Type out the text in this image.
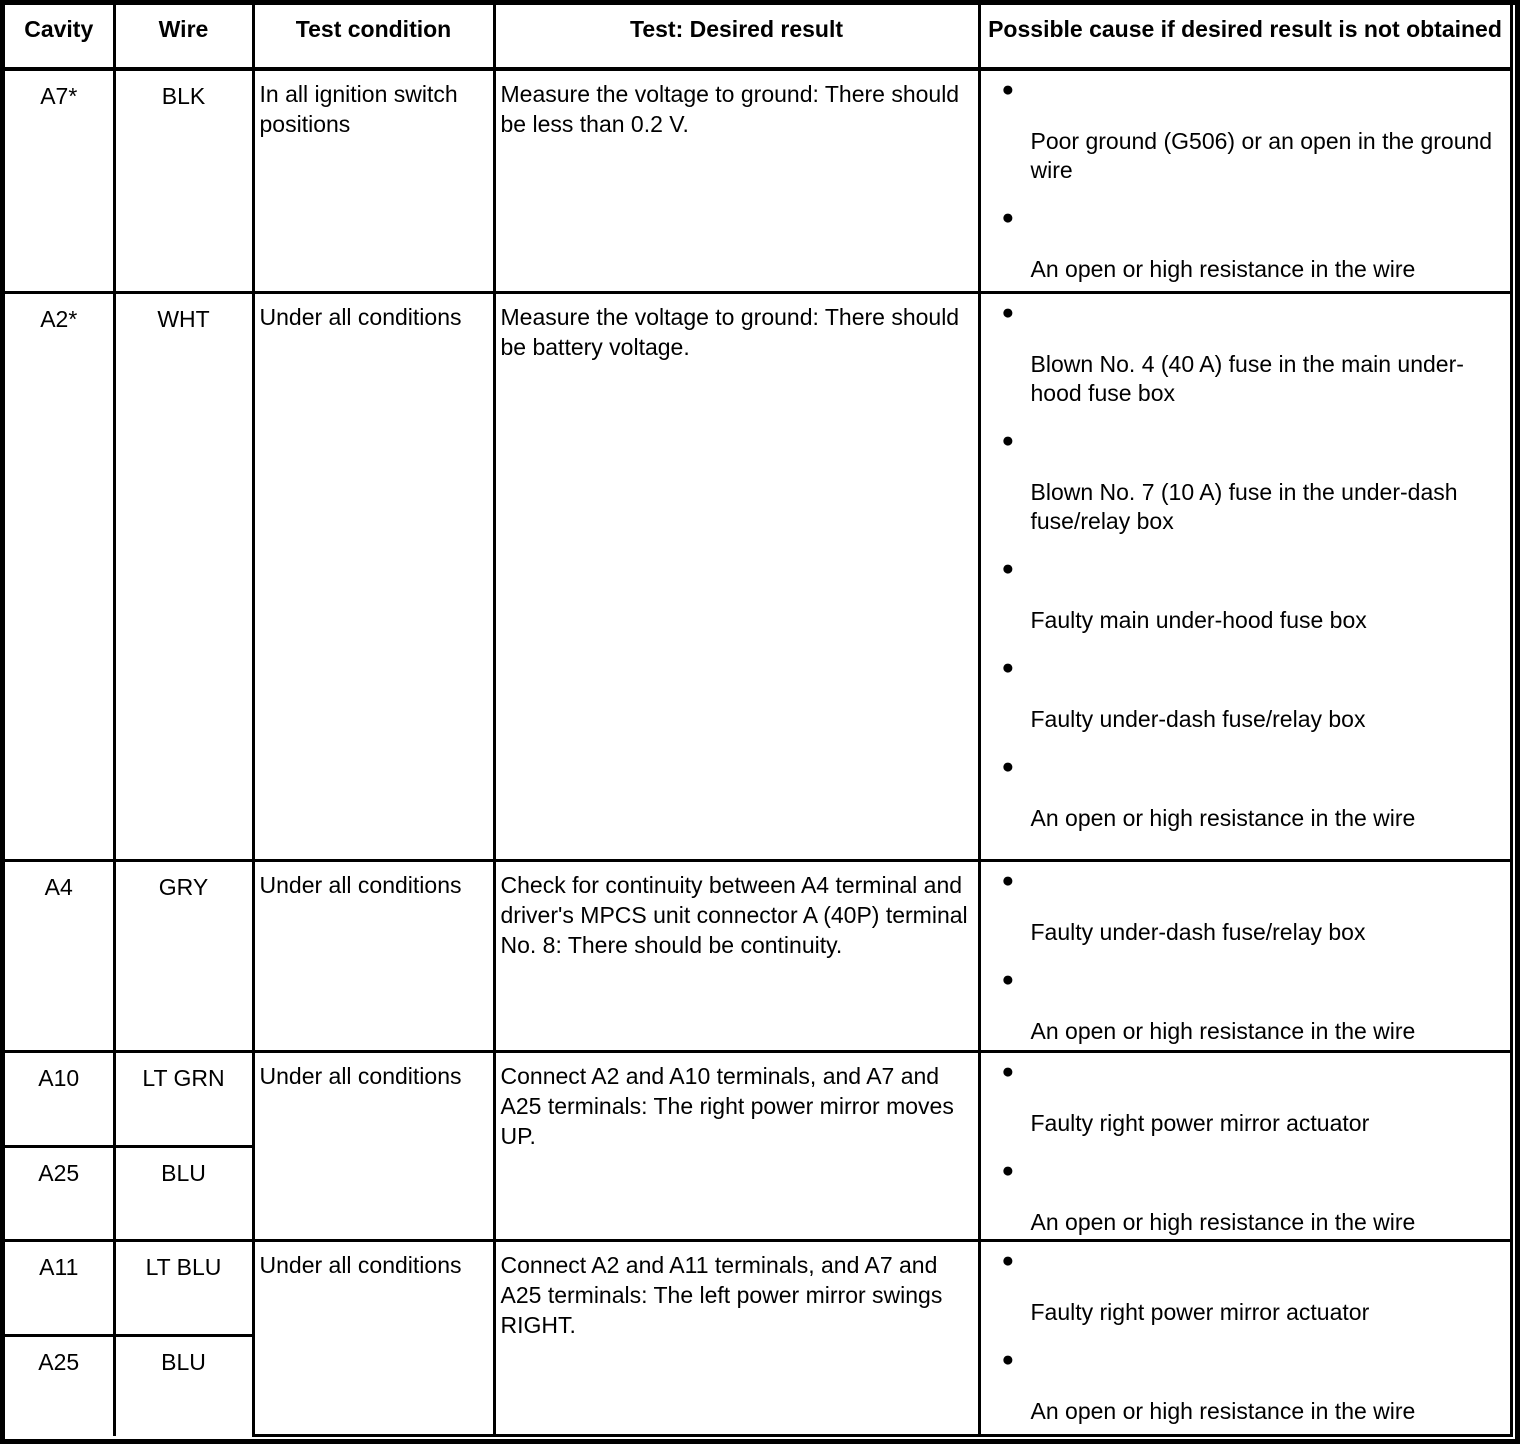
Cavity	Wire	Test condition	Test: Desired result	Possible cause if desired result is not obtained
A7*	BLK	In all ignition switch positions	Measure the voltage to ground: There should be less than 0.2 V.	●
Poor ground (G506) or an open in the ground wire
●
An open or high resistance in the wire

A2*	WHT	Under all conditions	Measure the voltage to ground: There should be battery voltage.	
●
Blown No. 4 (40 A) fuse in the main under-hood fuse box
●
Blown No. 7 (10 A) fuse in the under-dash fuse/relay box
●
Faulty main under-hood fuse box
●
Faulty under-dash fuse/relay box
●
An open or high resistance in the wire

A4	GRY	Under all conditions	Check for continuity between A4 terminal and driver's MPCS unit connector A (40P) terminal No. 8: There should be continuity.	●
Faulty under-dash fuse/relay box
●
An open or high resistance in the wire

A10	LT GRN	Under all conditions	Connect A2 and A10 terminals, and A7 and A25 terminals: The right power mirror moves UP.	●
Faulty right power mirror actuator
●
An open or high resistance in the wire

A25	BLU			
A11	LT BLU	Under all conditions	Connect A2 and A11 terminals, and A7 and A25 terminals: The left power mirror swings RIGHT.	●
Faulty right power mirror actuator
●
An open or high resistance in the wire

A25	BLU			
